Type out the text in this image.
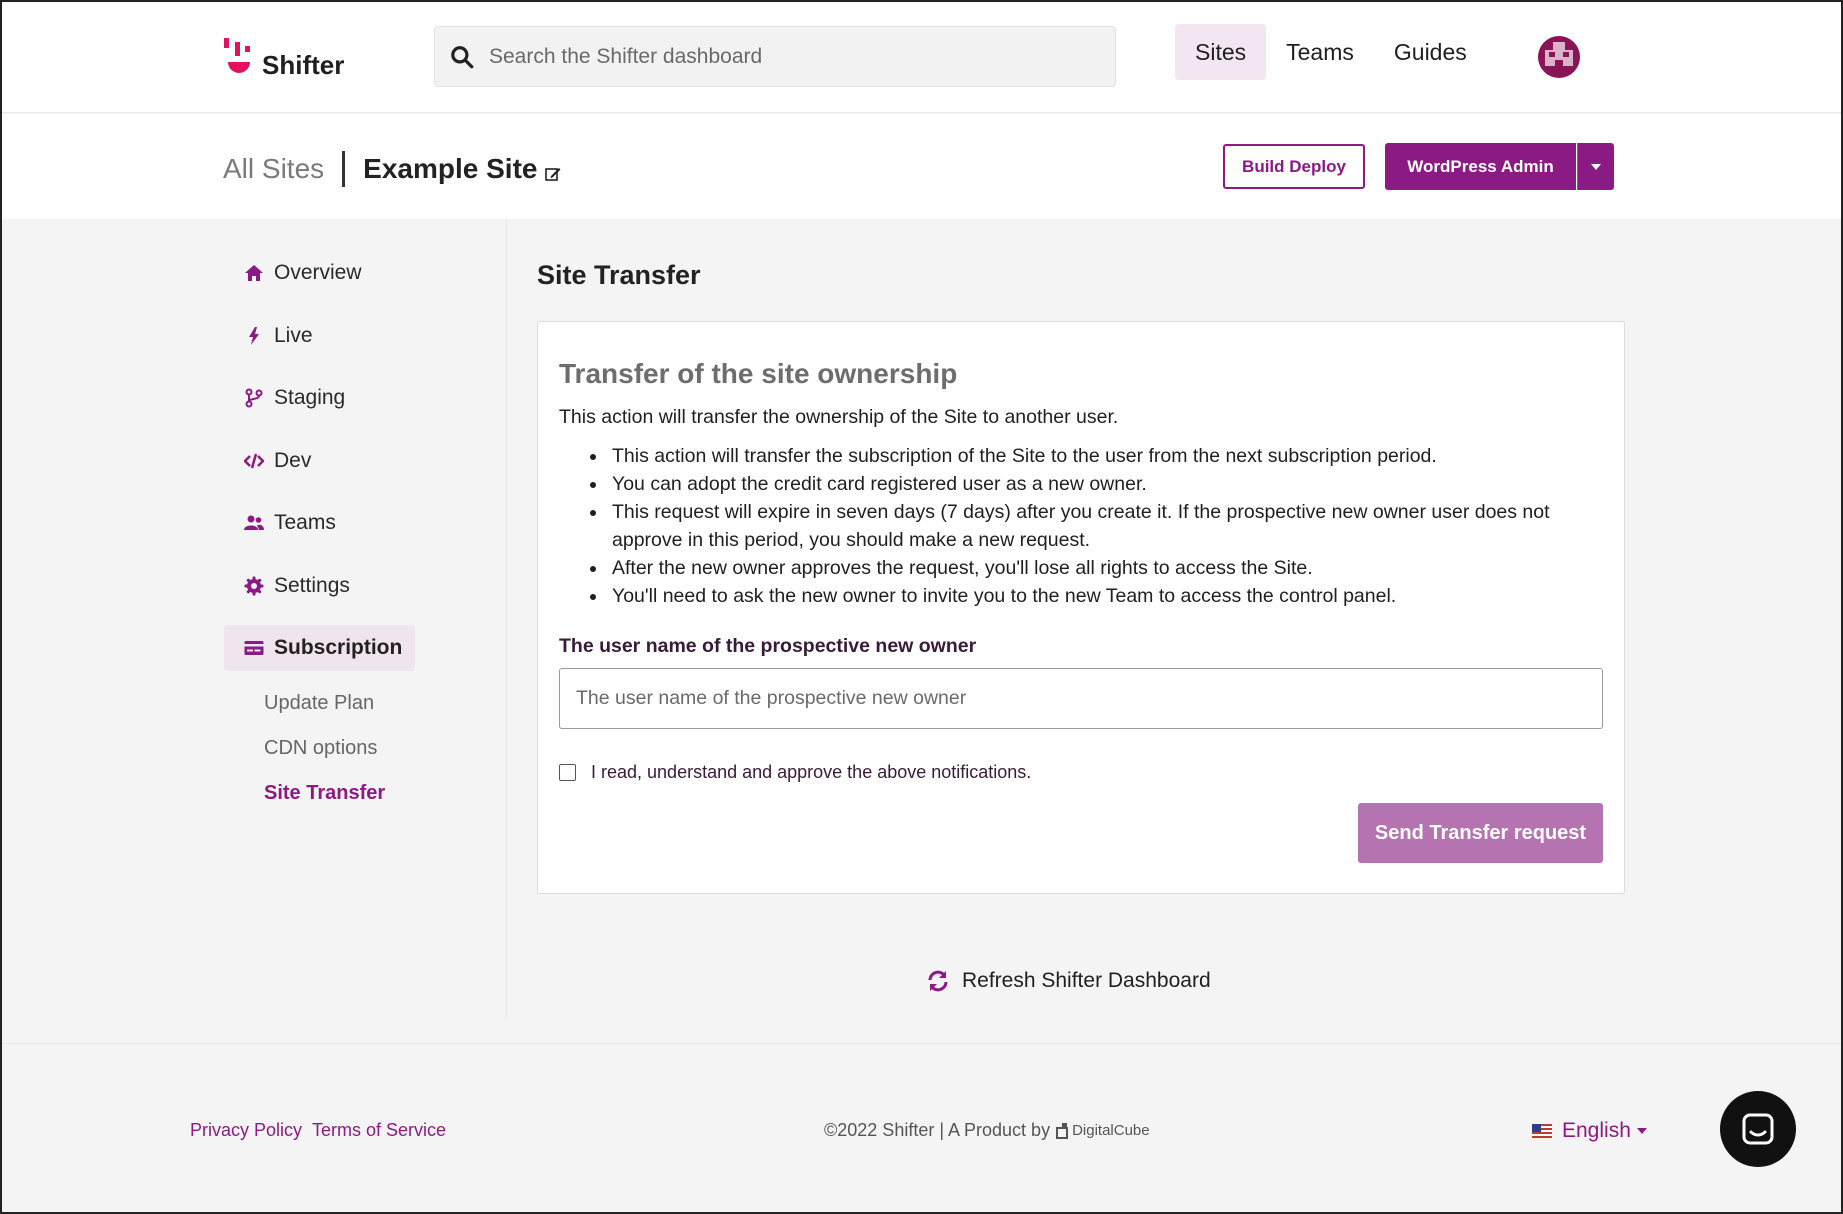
Shifter
Search the Shifter dashboard	Sites	Teams	Guides
All Sites Example Site	Build Deploy	WordPress Admin
Overview
Live
Staging
Dev
Teams
Settings
Subscription
Update Plan
CDN options
Site Transfer
Site Transfer
Transfer of the site ownership

This action will transfer the ownership of the Site to another user.

• This action will transfer the subscription of the Site to the user from the next subscription period.
• You can adopt the credit card registered user as a new owner.
• This request will expire in seven days (7 days) after you create it. If the prospective new owner user does not approve in this period, you should make a new request.
• After the new owner approves the request, you'll lose all rights to access the Site.
• You'll need to ask the new owner to invite you to the new Team to access the control panel.
The user name of the prospective new owner
The user name of the prospective new owner
I read, understand and approve the above notifications.
Send Transfer request
Refresh Shifter Dashboard
Privacy Policy Terms of Service	©2022 Shifter | A Product by DigitalCube	English
